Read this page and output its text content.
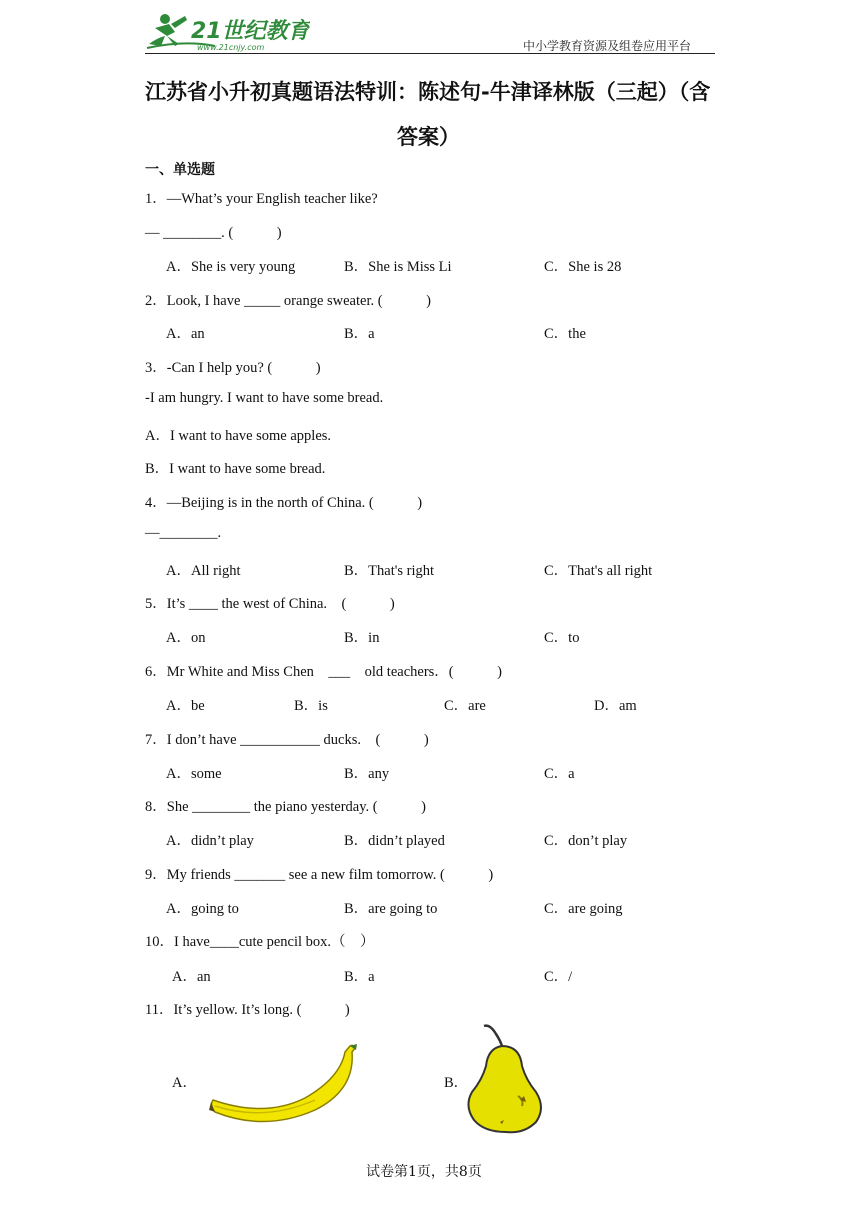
21世纪教育
www.21cnjy.com	中小学教育资源及组卷应用平台
江苏省小升初真题语法特训：陈述句-牛津译林版（三起）（含
答案）
一、单选题
1．—What’s your English teacher like?
— ________. (　　　)
A．She is very young	B．She is Miss Li	C．She is 28
2．Look, I have _____ orange sweater. (　　　)
A．an	B．a	C．the
3．-Can I help you? (　　　)
-I am hungry. I want to have some bread.
A．I want to have some apples.
B．I want to have some bread.
4．—Beijing is in the north of China. (　　　)
—________.
A．All right	B．That's right	C．That's all right
5．It’s ____ the west of China.　(　　　)
A．on	B．in	C．to
6．Mr White and Miss Chen　___　old teachers．(　　　)
A．be	B．is	C．are	D．am
7．I don’t have ___________ ducks.　(　　　)
A．some	B．any	C．a
8．She ________ the piano yesterday. (　　　)
A．didn’t play	B．didn’t played	C．don’t play
9．My friends _______ see a new film tomorrow. (　　　)
A．going to	B．are going to	C．are going
10．I have____cute pencil box.（　）
A．an	B．a	C．/
11．It’s yellow. It’s long. (　　　)
A．	B．
试卷第1页，共8页
